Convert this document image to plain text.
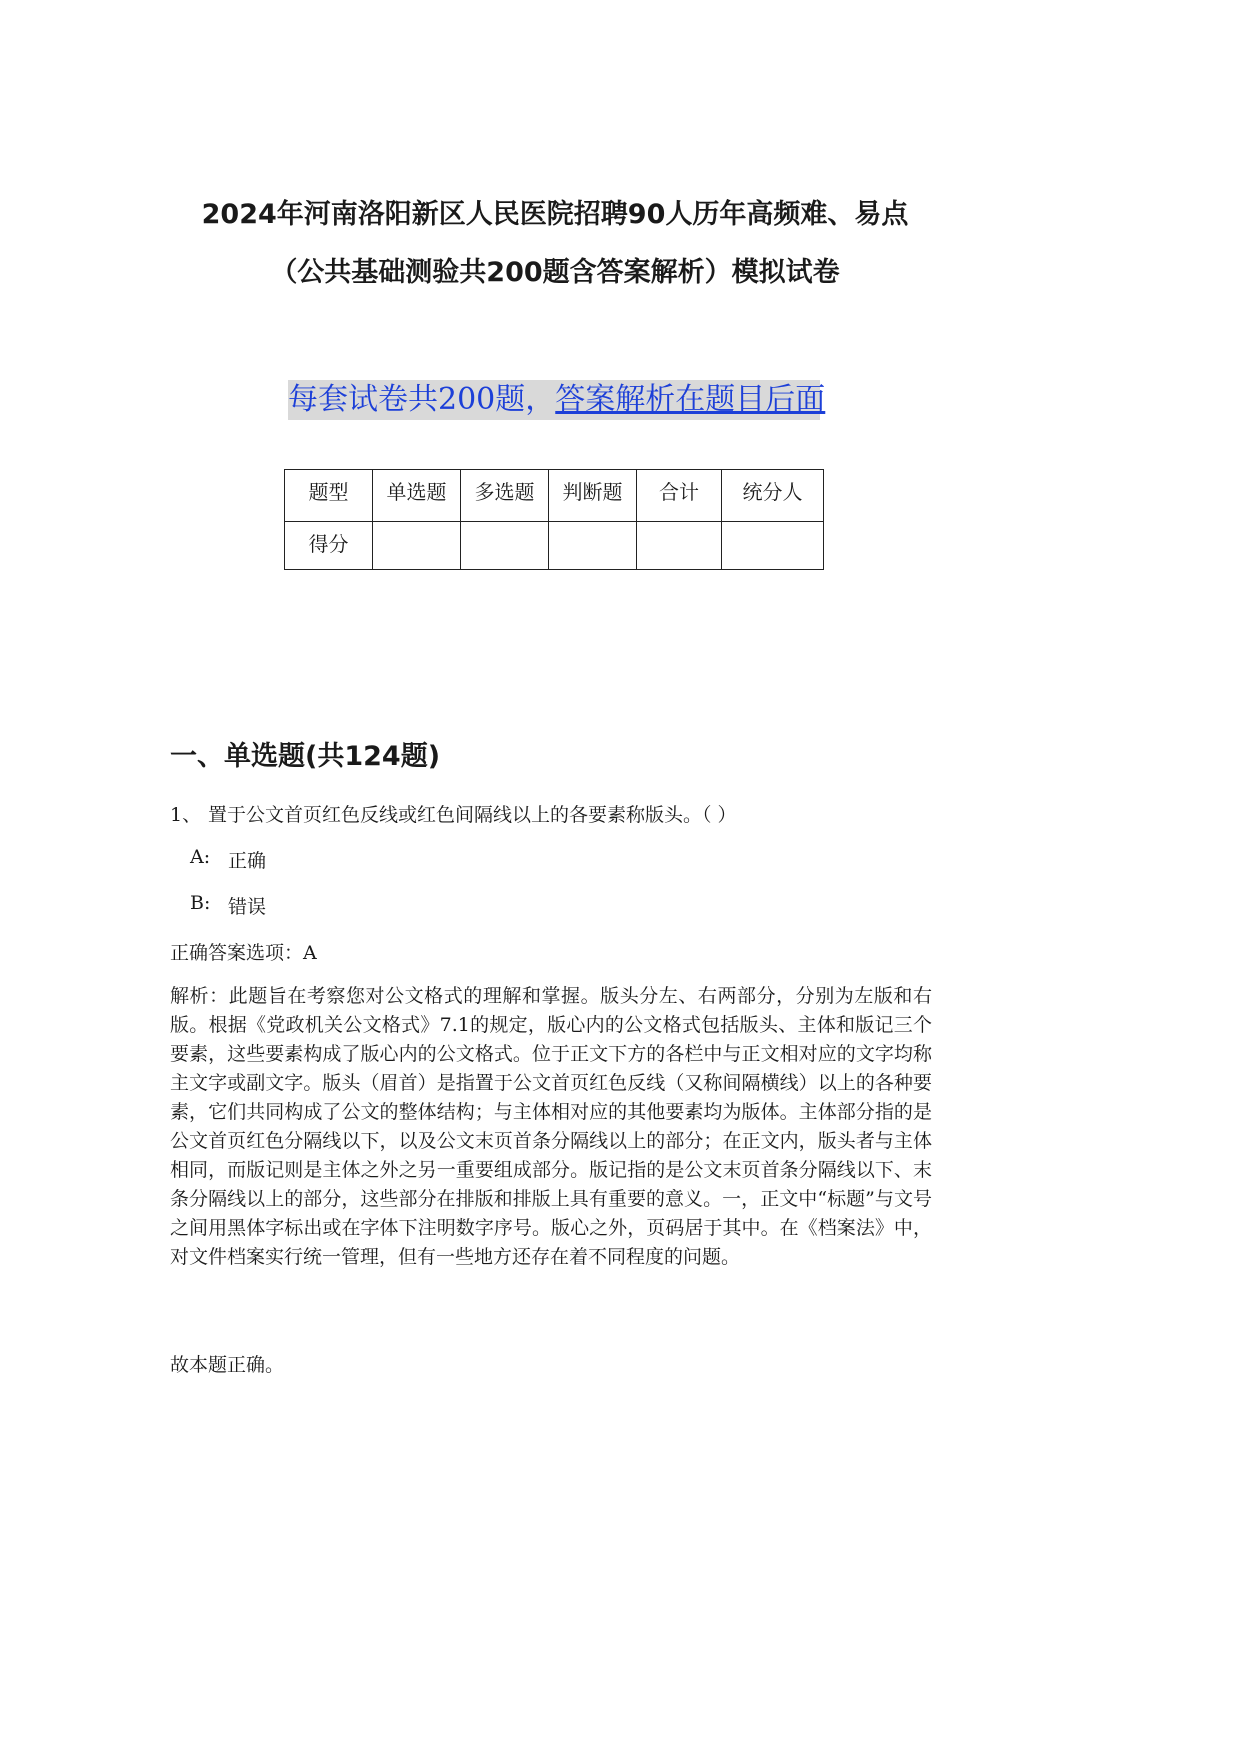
2024年河南洛阳新区人民医院招聘90人历年高频难、易点
（公共基础测验共200题含答案解析）模拟试卷
每套试卷共200题，答案解析在题目后面
题型	单选题	多选题	判断题	合计	统分人
得分					
一、单选题(共124题)
1、 置于公文首页红色反线或红色间隔线以上的各要素称版头。（ ）
A: 正确
B: 错误
正确答案选项：A
解析：此题旨在考察您对公文格式的理解和掌握。版头分左、右两部分，分别为左版和右版。根据《党政机关公文格式》7.1的规定，版心内的公文格式包括版头、主体和版记三个要素，这些要素构成了版心内的公文格式。位于正文下方的各栏中与正文相对应的文字均称主文字或副文字。版头（眉首）是指置于公文首页红色反线（又称间隔横线）以上的各种要素，它们共同构成了公文的整体结构；与主体相对应的其他要素均为版体。主体部分指的是公文首页红色分隔线以下，以及公文末页首条分隔线以上的部分；在正文内，版头者与主体相同，而版记则是主体之外之另一重要组成部分。版记指的是公文末页首条分隔线以下、末条分隔线以上的部分，这些部分在排版和排版上具有重要的意义。一，正文中“标题”与文号之间用黑体字标出或在字体下注明数字序号。版心之外，页码居于其中。在《档案法》中，对文件档案实行统一管理，但有一些地方还存在着不同程度的问题。
故本题正确。
